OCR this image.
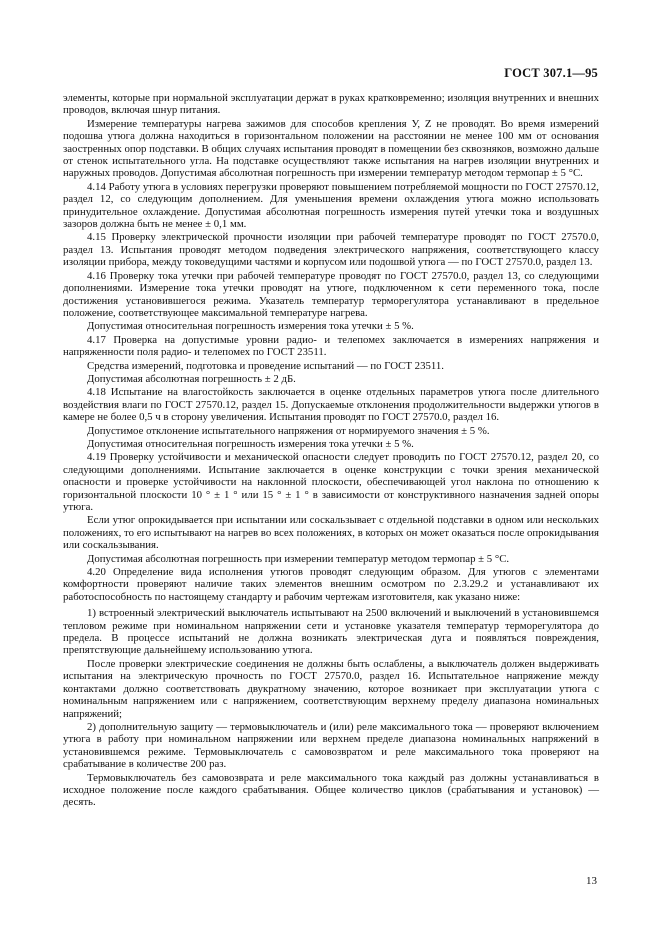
ГОСТ 307.1—95

элементы, которые при нормальной эксплуатации держат в руках кратковременно; изоляция внутренних и внешних проводов, включая шнур питания.

Измерение температуры нагрева зажимов для способов крепления У, Z не проводят. Во время измерений подошва утюга должна находиться в горизонтальном положении на расстоянии не менее 100 мм от основания заостренных опор подставки. В общих случаях испытания проводят в помещении без сквозняков, возможно дальше от стенок испытательного угла. На подставке осуществляют также испытания на нагрев изоляции внутренних и наружных проводов. Допустимая абсолютная погрешность при измерении температур методом термопар ± 5 °С.

4.14 Работу утюга в условиях перегрузки проверяют повышением потребляемой мощности по ГОСТ 27570.12, раздел 12, со следующим дополнением. Для уменьшения времени охлаждения утюга можно использовать принудительное охлаждение. Допустимая абсолютная погрешность измерения путей утечки тока и воздушных зазоров должна быть не менее ± 0,1 мм.

4.15 Проверку электрической прочности изоляции при рабочей температуре проводят по ГОСТ 27570.0, раздел 13. Испытания проводят методом подведения электрического напряжения, соответствующего классу изоляции прибора, между токоведущими частями и корпусом или подошвой утюга — по ГОСТ 27570.0, раздел 13.

4.16 Проверку тока утечки при рабочей температуре проводят по ГОСТ 27570.0, раздел 13, со следующими дополнениями. Измерение тока утечки проводят на утюге, подключенном к сети переменного тока, после достижения установившегося режима. Указатель температур терморегулятора устанавливают в предельное положение, соответствующее максимальной температуре нагрева.

Допустимая относительная погрешность измерения тока утечки ± 5 %.

4.17 Проверка на допустимые уровни радио- и телепомех заключается в измерениях напряжения и напряженности поля радио- и телепомех по ГОСТ 23511.

Средства измерений, подготовка и проведение испытаний — по ГОСТ 23511.

Допустимая абсолютная погрешность ± 2 дБ.

4.18 Испытание на влагостойкость заключается в оценке отдельных параметров утюга после длительного воздействия влаги по ГОСТ 27570.12, раздел 15. Допускаемые отклонения продолжительности выдержки утюгов в камере не более 0,5 ч в сторону увеличения. Испытания проводят по ГОСТ 27570.0, раздел 16.

Допустимое отклонение испытательного напряжения от нормируемого значения ± 5 %.

Допустимая относительная погрешность измерения тока утечки ± 5 %.

4.19 Проверку устойчивости и механической опасности следует проводить по ГОСТ 27570.12, раздел 20, со следующими дополнениями. Испытание заключается в оценке конструкции с точки зрения механической опасности и проверке устойчивости на наклонной плоскости, обеспечивающей угол наклона по отношению к горизонтальной плоскости 10 ° ± 1 ° или 15 ° ± 1 ° в зависимости от конструктивного назначения задней опоры утюга.

Если утюг опрокидывается при испытании или соскальзывает с отдельной подставки в одном или нескольких положениях, то его испытывают на нагрев во всех положениях, в которых он может оказаться после опрокидывания или соскальзывания.

Допустимая абсолютная погрешность при измерении температур методом термопар ± 5 °С.

4.20 Определение вида исполнения утюгов проводят следующим образом. Для утюгов с элементами комфортности проверяют наличие таких элементов внешним осмотром по 2.3.29.2 и устанавливают их работоспособность по настоящему стандарту и рабочим чертежам изготовителя, как указано ниже:

1) встроенный электрический выключатель испытывают на 2500 включений и выключений в установившемся тепловом режиме при номинальном напряжении сети и установке указателя температур терморегулятора до предела. В процессе испытаний не должна возникать электрическая дуга и появляться повреждения, препятствующие дальнейшему использованию утюга.

После проверки электрические соединения не должны быть ослаблены, а выключатель должен выдерживать испытания на электрическую прочность по ГОСТ 27570.0, раздел 16. Испытательное напряжение между контактами должно соответствовать двукратному значению, которое возникает при эксплуатации утюга с номинальным напряжением или с напряжением, соответствующим верхнему пределу диапазона номинальных напряжений;

2) дополнительную защиту — термовыключатель и (или) реле максимального тока — проверяют включением утюга в работу при номинальном напряжении или верхнем пределе диапазона номинальных напряжений в установившемся режиме. Термовыключатель с самовозвратом и реле максимального тока проверяют на срабатывание в количестве 200 раз.

Термовыключатель без самовозврата и реле максимального тока каждый раз должны устанавливаться в исходное положение после каждого срабатывания. Общее количество циклов (срабатывания и установок) — десять.

13
